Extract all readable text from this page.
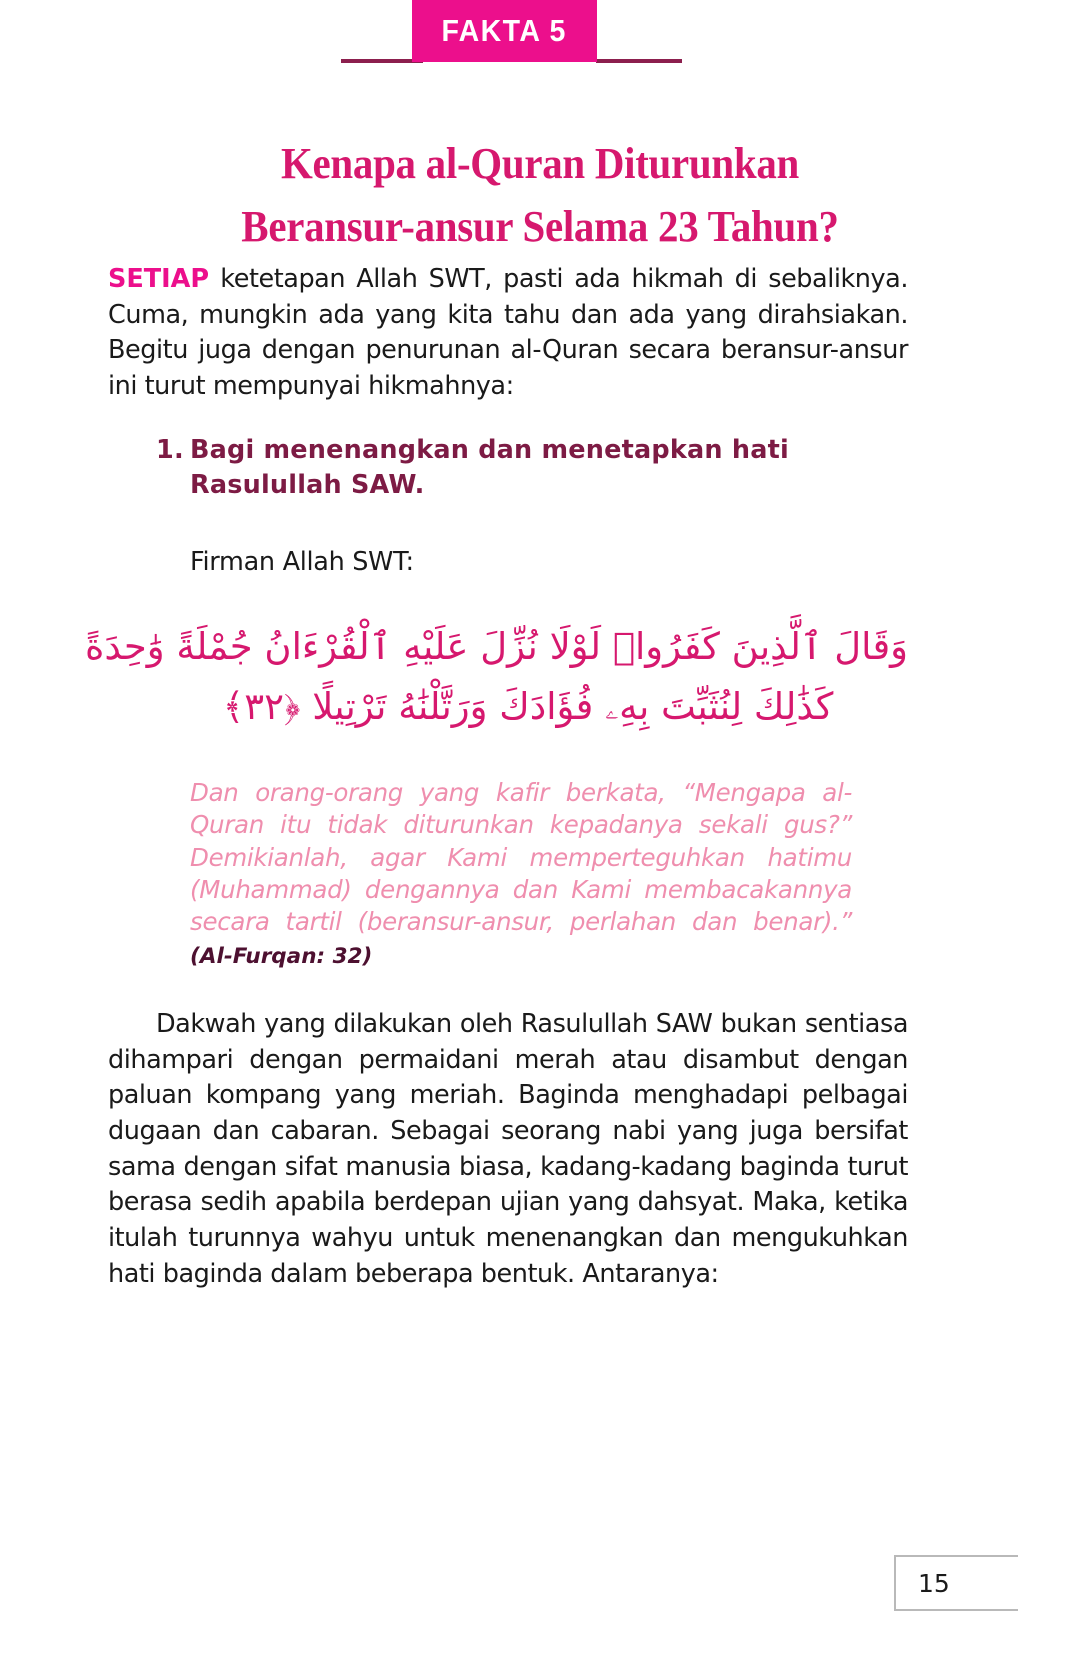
FAKTA 5
Kenapa al-Quran Diturunkan
Beransur-ansur Selama 23 Tahun?

SETIAP ketetapan Allah SWT, pasti ada hikmah di sebaliknya. Cuma, mungkin ada yang kita tahu dan ada yang dirahsiakan. Begitu juga dengan penurunan al-Quran secara beransur-ansur ini turut mempunyai hikmahnya:

1. Bagi menenangkan dan menetapkan hati Rasulullah SAW.
Firman Allah SWT:
وَقَالَ ٱلَّذِينَ كَفَرُوا۟ لَوْلَا نُزِّلَ عَلَيْهِ ٱلْقُرْءَانُ جُمْلَةً وَٰحِدَةً
كَذَٰلِكَ لِنُثَبِّتَ بِهِۦ فُؤَادَكَ وَرَتَّلْنَٰهُ تَرْتِيلًا ﴿٣٢﴾

Dan orang-orang yang kafir berkata, “Mengapa al-Quran itu tidak diturunkan kepadanya sekali gus?” Demikianlah, agar Kami memperteguhkan hatimu (Muhammad) dengannya dan Kami membacakannya secara tartil (beransur-ansur, perlahan dan benar).” (Al-Furqan: 32)

Dakwah yang dilakukan oleh Rasulullah SAW bukan sentiasa dihampari dengan permaidani merah atau disambut dengan paluan kompang yang meriah. Baginda menghadapi pelbagai dugaan dan cabaran. Sebagai seorang nabi yang juga bersifat sama dengan sifat manusia biasa, kadang-kadang baginda turut berasa sedih apabila berdepan ujian yang dahsyat. Maka, ketika itulah turunnya wahyu untuk menenangkan dan mengukuhkan hati baginda dalam beberapa bentuk. Antaranya:

15
